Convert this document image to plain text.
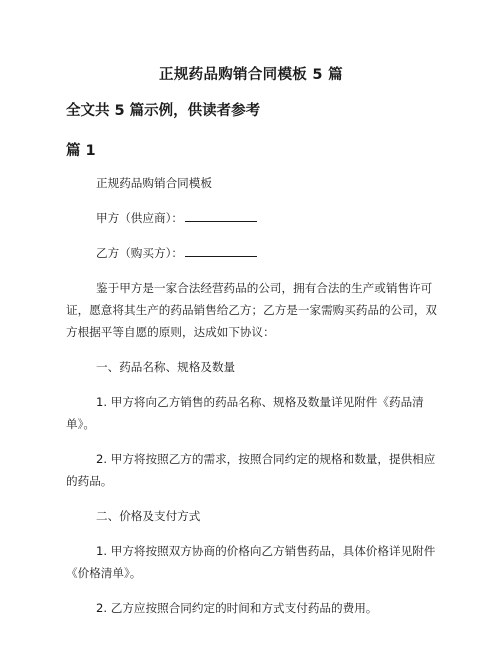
正规药品购销合同模板 5 篇
全文共 5 篇示例，供读者参考
篇 1

正规药品购销合同模板

甲方（供应商）：

乙方（购买方）：

鉴于甲方是一家合法经营药品的公司，拥有合法的生产或销售许可证，愿意将其生产的药品销售给乙方；乙方是一家需购买药品的公司，双方根据平等自愿的原则，达成如下协议：

一、药品名称、规格及数量

1. 甲方将向乙方销售的药品名称、规格及数量详见附件《药品清单》。

2. 甲方将按照乙方的需求，按照合同约定的规格和数量，提供相应的药品。

二、价格及支付方式

1. 甲方将按照双方协商的价格向乙方销售药品，具体价格详见附件《价格清单》。

2. 乙方应按照合同约定的时间和方式支付药品的费用。
